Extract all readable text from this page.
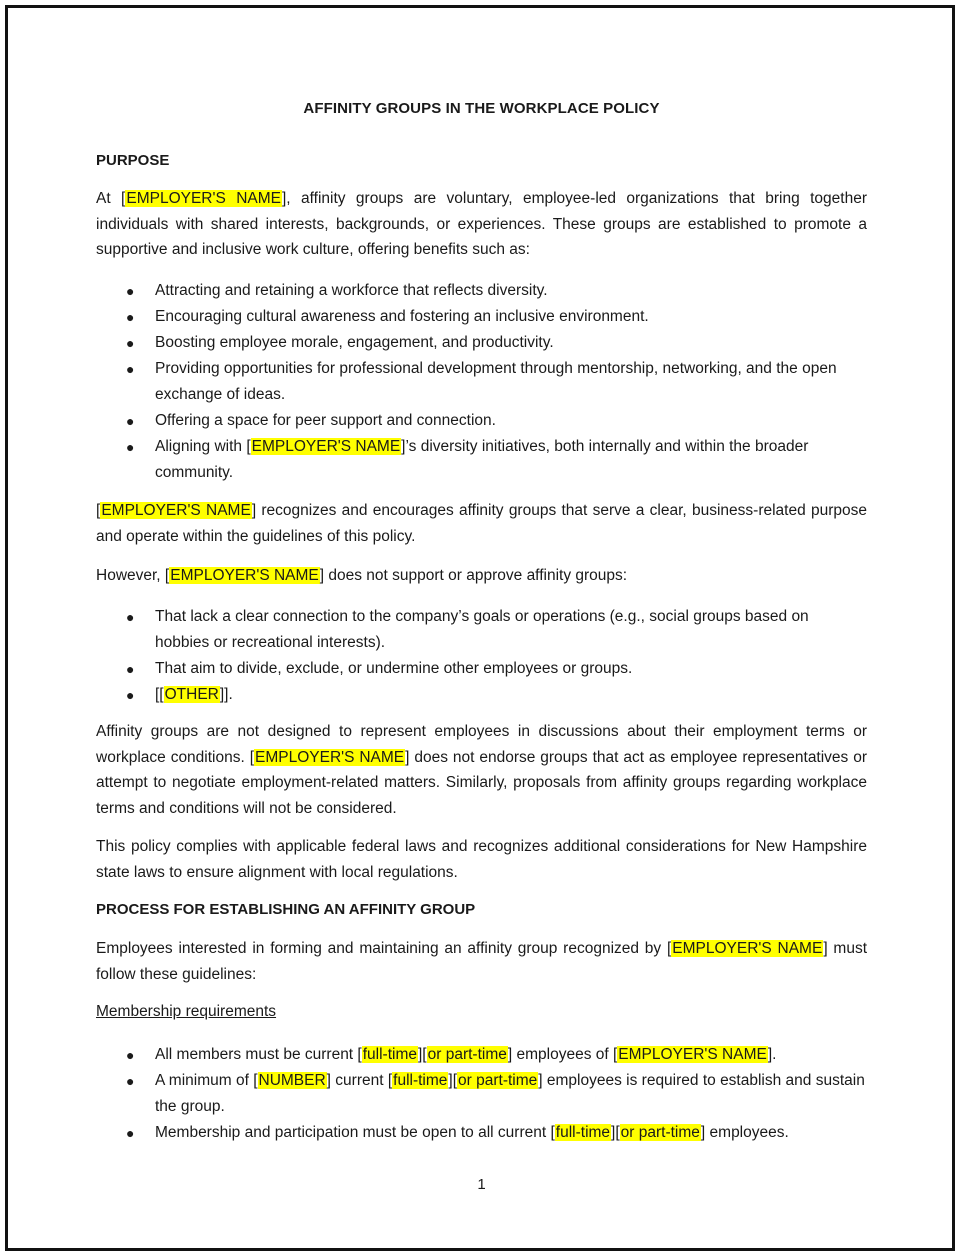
AFFINITY GROUPS IN THE WORKPLACE POLICY
PURPOSE
At [EMPLOYER'S NAME], affinity groups are voluntary, employee-led organizations that bring together individuals with shared interests, backgrounds, or experiences. These groups are established to promote a supportive and inclusive work culture, offering benefits such as:
● Attracting and retaining a workforce that reflects diversity.
● Encouraging cultural awareness and fostering an inclusive environment.
● Boosting employee morale, engagement, and productivity.
● Providing opportunities for professional development through mentorship, networking, and the open exchange of ideas.
● Offering a space for peer support and connection.
● Aligning with [EMPLOYER'S NAME]’s diversity initiatives, both internally and within the broader community.
[EMPLOYER'S NAME] recognizes and encourages affinity groups that serve a clear, business-related purpose and operate within the guidelines of this policy.
However, [EMPLOYER'S NAME] does not support or approve affinity groups:
● That lack a clear connection to the company’s goals or operations (e.g., social groups based on hobbies or recreational interests).
● That aim to divide, exclude, or undermine other employees or groups.
● [[OTHER]].
Affinity groups are not designed to represent employees in discussions about their employment terms or workplace conditions. [EMPLOYER'S NAME] does not endorse groups that act as employee representatives or attempt to negotiate employment-related matters. Similarly, proposals from affinity groups regarding workplace terms and conditions will not be considered.
This policy complies with applicable federal laws and recognizes additional considerations for New Hampshire state laws to ensure alignment with local regulations.
PROCESS FOR ESTABLISHING AN AFFINITY GROUP
Employees interested in forming and maintaining an affinity group recognized by [EMPLOYER'S NAME] must follow these guidelines:
Membership requirements
● All members must be current [full-time][or part-time] employees of [EMPLOYER'S NAME].
● A minimum of [NUMBER] current [full-time][or part-time] employees is required to establish and sustain the group.
● Membership and participation must be open to all current [full-time][or part-time] employees.
1
